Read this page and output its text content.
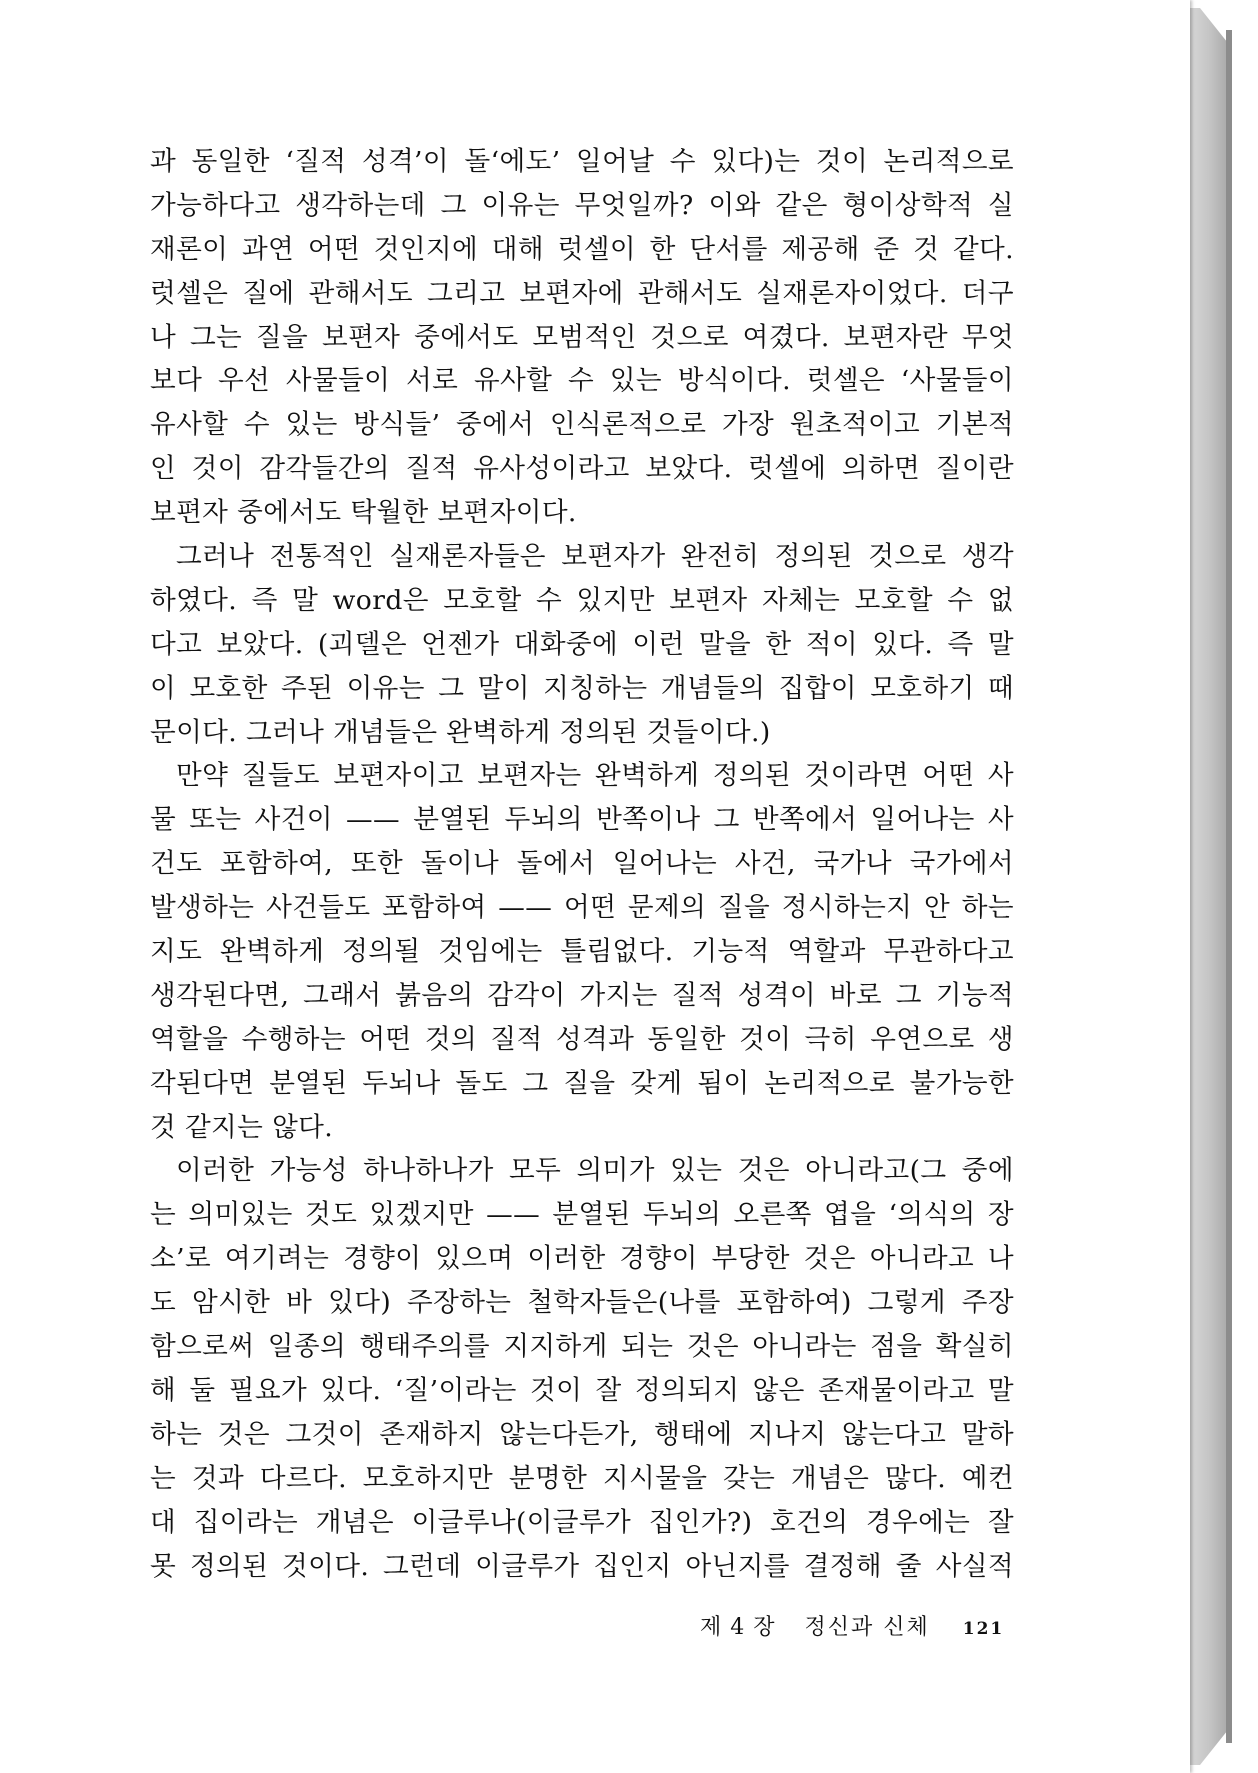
과 동일한 ‘질적 성격’이 돌‘에도’ 일어날 수 있다)는 것이 논리적으로
가능하다고 생각하는데 그 이유는 무엇일까? 이와 같은 형이상학적 실
재론이 과연 어떤 것인지에 대해 럿셀이 한 단서를 제공해 준 것 같다.
럿셀은 질에 관해서도 그리고 보편자에 관해서도 실재론자이었다. 더구
나 그는 질을 보편자 중에서도 모범적인 것으로 여겼다. 보편자란 무엇
보다 우선 사물들이 서로 유사할 수 있는 방식이다. 럿셀은 ‘사물들이
유사할 수 있는 방식들’ 중에서 인식론적으로 가장 원초적이고 기본적
인 것이 감각들간의 질적 유사성이라고 보았다. 럿셀에 의하면 질이란
보편자 중에서도 탁월한 보편자이다.
그러나 전통적인 실재론자들은 보편자가 완전히 정의된 것으로 생각
하였다. 즉 말 word은 모호할 수 있지만 보편자 자체는 모호할 수 없
다고 보았다. (괴델은 언젠가 대화중에 이런 말을 한 적이 있다. 즉 말
이 모호한 주된 이유는 그 말이 지칭하는 개념들의 집합이 모호하기 때
문이다. 그러나 개념들은 완벽하게 정의된 것들이다.)
만약 질들도 보편자이고 보편자는 완벽하게 정의된 것이라면 어떤 사
물 또는 사건이 —— 분열된 두뇌의 반쪽이나 그 반쪽에서 일어나는 사
건도 포함하여, 또한 돌이나 돌에서 일어나는 사건, 국가나 국가에서
발생하는 사건들도 포함하여 —— 어떤 문제의 질을 정시하는지 안 하는
지도 완벽하게 정의될 것임에는 틀림없다. 기능적 역할과 무관하다고
생각된다면, 그래서 붉음의 감각이 가지는 질적 성격이 바로 그 기능적
역할을 수행하는 어떤 것의 질적 성격과 동일한 것이 극히 우연으로 생
각된다면 분열된 두뇌나 돌도 그 질을 갖게 됨이 논리적으로 불가능한
것 같지는 않다.
이러한 가능성 하나하나가 모두 의미가 있는 것은 아니라고(그 중에
는 의미있는 것도 있겠지만 —— 분열된 두뇌의 오른쪽 엽을 ‘의식의 장
소’로 여기려는 경향이 있으며 이러한 경향이 부당한 것은 아니라고 나
도 암시한 바 있다) 주장하는 철학자들은(나를 포함하여) 그렇게 주장
함으로써 일종의 행태주의를 지지하게 되는 것은 아니라는 점을 확실히
해 둘 필요가 있다. ‘질’이라는 것이 잘 정의되지 않은 존재물이라고 말
하는 것은 그것이 존재하지 않는다든가, 행태에 지나지 않는다고 말하
는 것과 다르다. 모호하지만 분명한 지시물을 갖는 개념은 많다. 예컨
대 집이라는 개념은 이글루나(이글루가 집인가?) 호건의 경우에는 잘
못 정의된 것이다. 그런데 이글루가 집인지 아닌지를 결정해 줄 사실적
제 4 장 정신과 신체 121
